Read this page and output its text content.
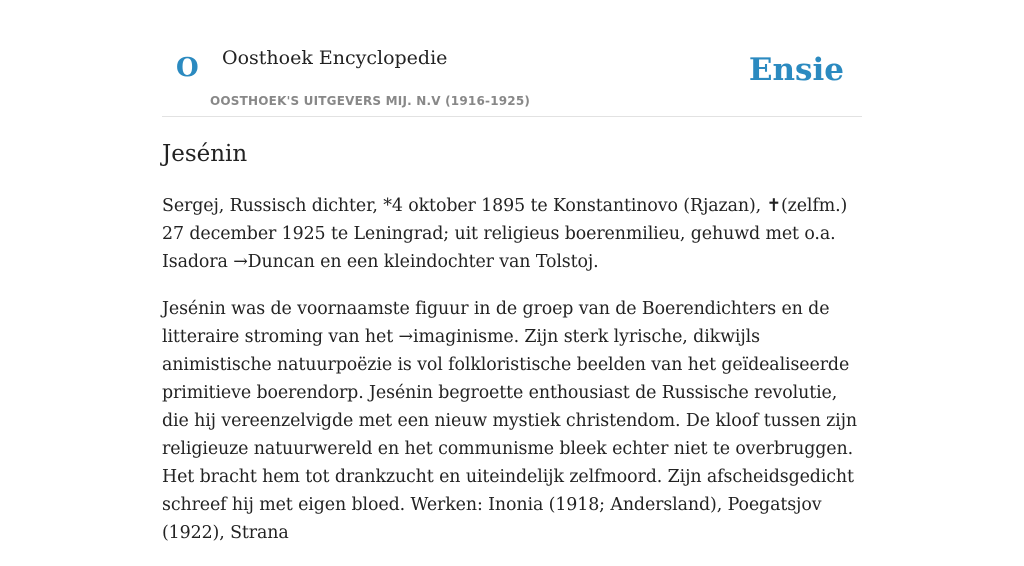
O Oosthoek Encyclopedie
OOSTHOEK'S UITGEVERS MIJ. N.V (1916-1925)
Ensie
Jesénin

Sergej, Russisch dichter, *4 oktober 1895 te Konstantinovo (Rjazan), ✝(zelfm.) 27 december 1925 te Leningrad; uit religieus boerenmilieu, gehuwd met o.a. Isadora →Duncan en een kleindochter van Tolstoj.

Jesénin was de voornaamste figuur in de groep van de Boerendichters en de litteraire stroming van het →imaginisme. Zijn sterk lyrische, dikwijls animistische natuurpoëzie is vol folkloristische beelden van het geïdealiseerde primitieve boerendorp. Jesénin begroette enthousiast de Russische revolutie, die hij vereenzelvigde met een nieuw mystiek christendom. De kloof tussen zijn religieuze natuurwereld en het communisme bleek echter niet te overbruggen. Het bracht hem tot drankzucht en uiteindelijk zelfmoord. Zijn afscheidsgedicht schreef hij met eigen bloed. Werken: Inonia (1918; Andersland), Poegatsjov (1922), Strana
